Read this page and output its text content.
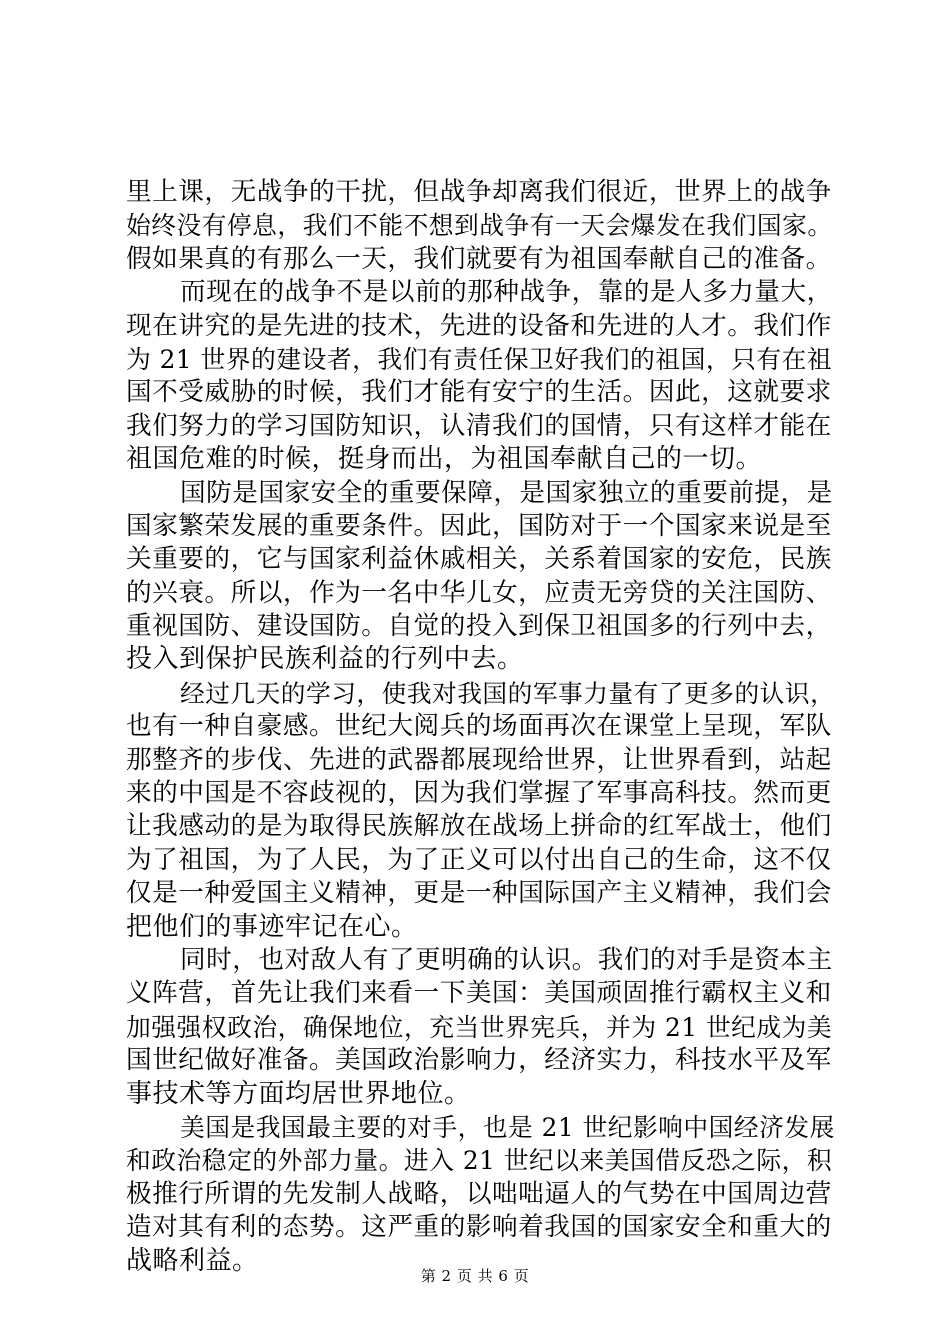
里上课，无战争的干扰，但战争却离我们很近，世界上的战争
始终没有停息，我们不能不想到战争有一天会爆发在我们国家。
假如果真的有那么一天，我们就要有为祖国奉献自己的准备。
而现在的战争不是以前的那种战争，靠的是人多力量大，
现在讲究的是先进的技术，先进的设备和先进的人才。我们作
为 21 世界的建设者，我们有责任保卫好我们的祖国，只有在祖
国不受威胁的时候，我们才能有安宁的生活。因此，这就要求
我们努力的学习国防知识，认清我们的国情，只有这样才能在
祖国危难的时候，挺身而出，为祖国奉献自己的一切。
国防是国家安全的重要保障，是国家独立的重要前提，是
国家繁荣发展的重要条件。因此，国防对于一个国家来说是至
关重要的，它与国家利益休戚相关，关系着国家的安危，民族
的兴衰。所以，作为一名中华儿女，应责无旁贷的关注国防、
重视国防、建设国防。自觉的投入到保卫祖国多的行列中去，
投入到保护民族利益的行列中去。
经过几天的学习，使我对我国的军事力量有了更多的认识，
也有一种自豪感。世纪大阅兵的场面再次在课堂上呈现，军队
那整齐的步伐、先进的武器都展现给世界，让世界看到，站起
来的中国是不容歧视的，因为我们掌握了军事高科技。然而更
让我感动的是为取得民族解放在战场上拼命的红军战士，他们
为了祖国，为了人民，为了正义可以付出自己的生命，这不仅
仅是一种爱国主义精神，更是一种国际国产主义精神，我们会
把他们的事迹牢记在心。
同时，也对敌人有了更明确的认识。我们的对手是资本主
义阵营，首先让我们来看一下美国：美国顽固推行霸权主义和
加强强权政治，确保地位，充当世界宪兵，并为 21 世纪成为美
国世纪做好准备。美国政治影响力，经济实力，科技水平及军
事技术等方面均居世界地位。
美国是我国最主要的对手，也是 21 世纪影响中国经济发展
和政治稳定的外部力量。进入 21 世纪以来美国借反恐之际，积
极推行所谓的先发制人战略，以咄咄逼人的气势在中国周边营
造对其有利的态势。这严重的影响着我国的国家安全和重大的
战略利益。
第 2 页 共 6 页
